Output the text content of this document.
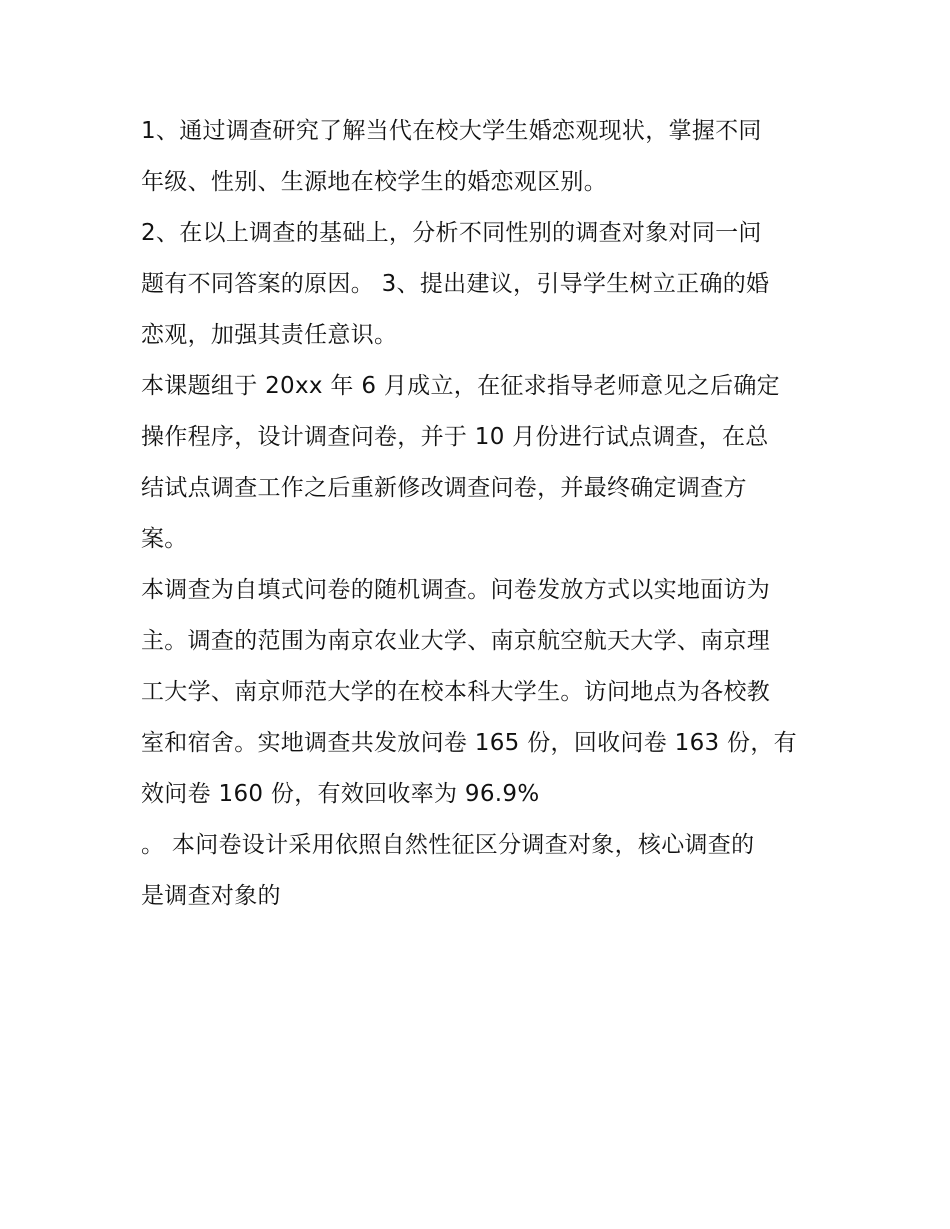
1、通过调查研究了解当代在校大学生婚恋观现状，掌握不同
年级、性别、生源地在校学生的婚恋观区别。
2、在以上调查的基础上，分析不同性别的调查对象对同一问
题有不同答案的原因。 3、提出建议，引导学生树立正确的婚
恋观，加强其责任意识。
本课题组于 20xx 年 6 月成立，在征求指导老师意见之后确定
操作程序，设计调查问卷，并于 10 月份进行试点调查，在总
结试点调查工作之后重新修改调查问卷，并最终确定调查方
案。
本调查为自填式问卷的随机调查。问卷发放方式以实地面访为
主。调查的范围为南京农业大学、南京航空航天大学、南京理
工大学、南京师范大学的在校本科大学生。访问地点为各校教
室和宿舍。实地调查共发放问卷 165 份，回收问卷 163 份，有
效问卷 160 份，有效回收率为 96.9%
。 本问卷设计采用依照自然性征区分调查对象，核心调查的
是调查对象的
